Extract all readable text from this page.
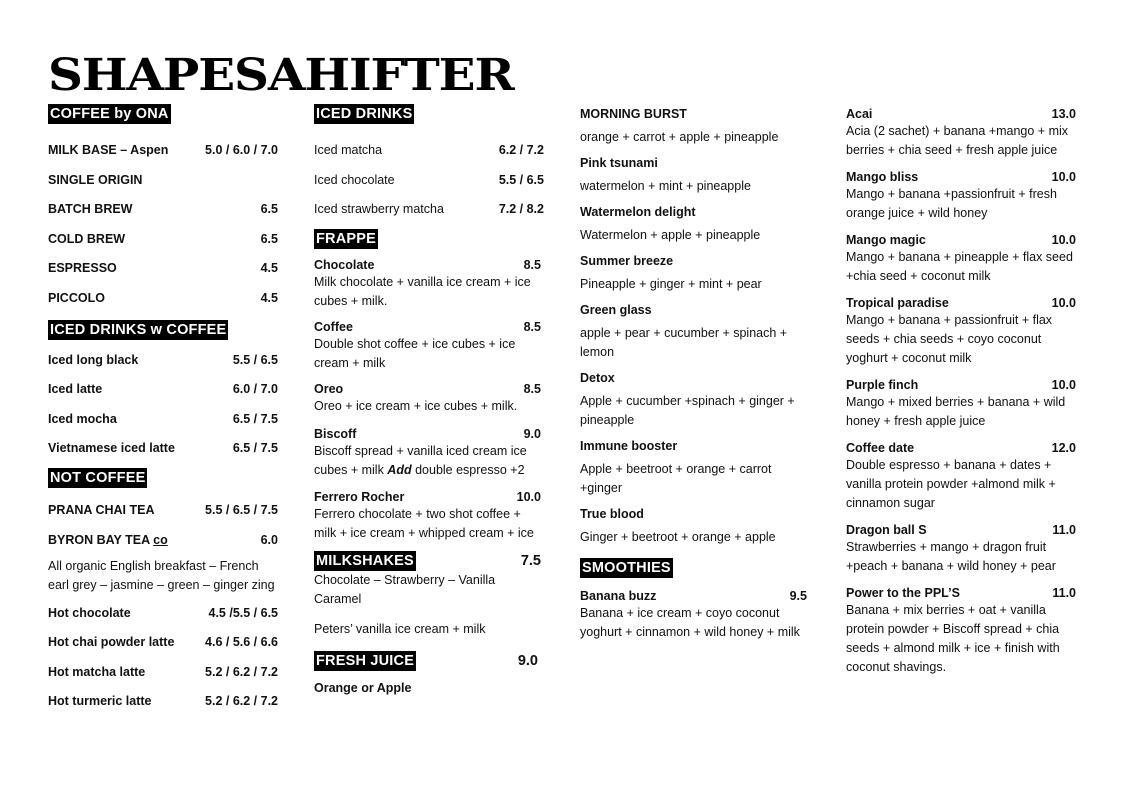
SHAPESAHIFTER
COFFEE by ONA
MILK BASE – Aspen	5.0 / 6.0 / 7.0
SINGLE ORIGIN
BATCH BREW	6.5
COLD BREW	6.5
ESPRESSO	4.5
PICCOLO	4.5
ICED DRINKS w COFFEE
Iced long black	5.5 / 6.5
Iced latte	6.0 / 7.0
Iced mocha	6.5 / 7.5
Vietnamese iced latte	6.5 / 7.5
NOT COFFEE
PRANA CHAI TEA	5.5 / 6.5 / 7.5
BYRON BAY TEA co	6.0
All organic English breakfast – French earl grey – jasmine – green – ginger zing
Hot chocolate	4.5 /5.5 / 6.5
Hot chai powder latte 4.6 / 5.6 / 6.6
Hot matcha latte	5.2 / 6.2 / 7.2
Hot turmeric latte	5.2 / 6.2 / 7.2
ICED DRINKS
Iced matcha	6.2 / 7.2
Iced chocolate	5.5 / 6.5
Iced strawberry matcha	7.2 / 8.2
FRAPPE
Chocolate	8.5
Milk chocolate + vanilla ice cream + ice cubes + milk.
Coffee	8.5
Double shot coffee + ice cubes + ice cream + milk
Oreo	8.5
Oreo + ice cream + ice cubes + milk.
Biscoff	9.0
Biscoff spread + vanilla iced cream ice cubes + milk Add double espresso +2
Ferrero Rocher	10.0
Ferrero chocolate + two shot coffee + milk + ice cream + whipped cream + ice
MILKSHAKES	7.5
Chocolate – Strawberry – Vanilla Caramel
Peters’ vanilla ice cream + milk
FRESH JUICE	9.0
Orange or Apple
MORNING BURST
orange + carrot + apple + pineapple
Pink tsunami
watermelon + mint + pineapple
Watermelon delight
Watermelon + apple + pineapple
Summer breeze
Pineapple + ginger + mint + pear
Green glass
apple + pear + cucumber + spinach + lemon
Detox
Apple + cucumber +spinach + ginger + pineapple
Immune booster
Apple + beetroot + orange + carrot +ginger
True blood
Ginger + beetroot + orange + apple
SMOOTHIES
Banana buzz	9.5
Banana + ice cream + coyo coconut yoghurt + cinnamon + wild honey + milk
Acai	13.0
Acia (2 sachet) + banana +mango + mix berries + chia seed + fresh apple juice
Mango bliss	10.0
Mango + banana +passionfruit + fresh orange juice + wild honey
Mango magic	10.0
Mango + banana + pineapple + flax seed +chia seed + coconut milk
Tropical paradise	10.0
Mango + banana + passionfruit + flax seeds + chia seeds + coyo coconut yoghurt + coconut milk
Purple finch	10.0
Mango + mixed berries + banana + wild honey + fresh apple juice
Coffee date	12.0
Double espresso + banana + dates + vanilla protein powder +almond milk + cinnamon sugar
Dragon ball S	11.0
Strawberries + mango + dragon fruit +peach + banana + wild honey + pear
Power to the PPL’S	11.0
Banana + mix berries + oat + vanilla protein powder + Biscoff spread + chia seeds + almond milk + ice + finish with coconut shavings.
